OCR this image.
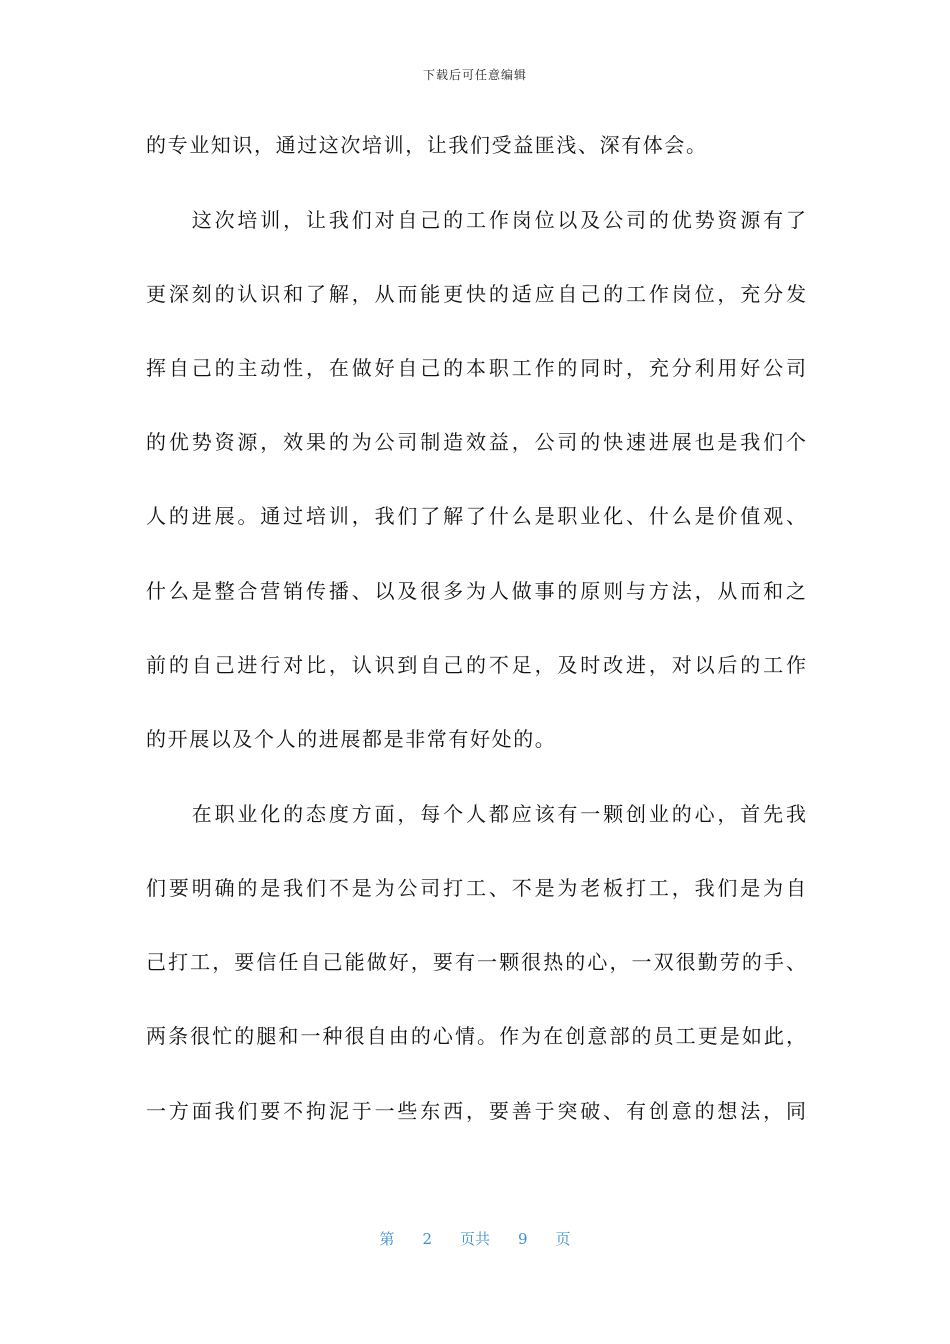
下载后可任意编辑
的专业知识，通过这次培训，让我们受益匪浅、深有体会。
　　这次培训，让我们对自己的工作岗位以及公司的优势资源有了
更深刻的认识和了解，从而能更快的适应自己的工作岗位，充分发
挥自己的主动性，在做好自己的本职工作的同时，充分利用好公司
的优势资源，效果的为公司制造效益，公司的快速进展也是我们个
人的进展。通过培训，我们了解了什么是职业化、什么是价值观、
什么是整合营销传播、以及很多为人做事的原则与方法，从而和之
前的自己进行对比，认识到自己的不足，及时改进，对以后的工作
的开展以及个人的进展都是非常有好处的。
　　在职业化的态度方面，每个人都应该有一颗创业的心，首先我
们要明确的是我们不是为公司打工、不是为老板打工，我们是为自
己打工，要信任自己能做好，要有一颗很热的心，一双很勤劳的手、
两条很忙的腿和一种很自由的心情。作为在创意部的员工更是如此，
一方面我们要不拘泥于一些东西，要善于突破、有创意的想法，同
第 2 页共 9 页
